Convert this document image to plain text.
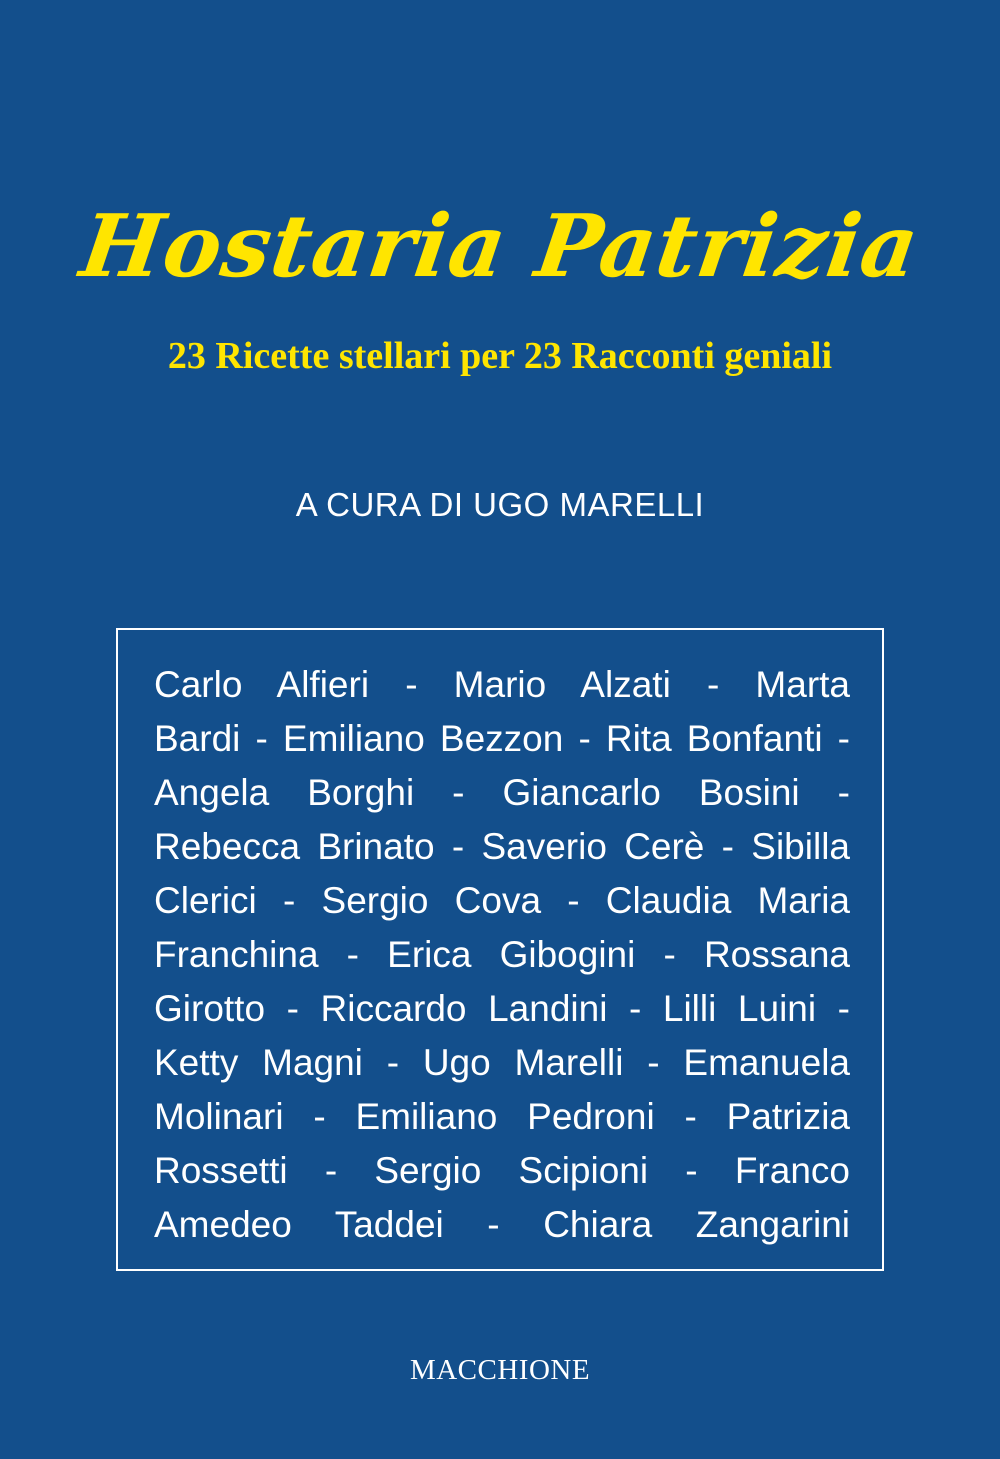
Hostaria Patrizia
23 Ricette stellari per 23 Racconti geniali
A CURA DI UGO MARELLI
Carlo Alfieri - Mario Alzati - Marta
Bardi - Emiliano Bezzon - Rita Bonfanti -
Angela Borghi - Giancarlo Bosini -
Rebecca Brinato - Saverio Cerè - Sibilla
Clerici - Sergio Cova - Claudia Maria
Franchina - Erica Gibogini - Rossana
Girotto - Riccardo Landini - Lilli Luini -
Ketty Magni - Ugo Marelli - Emanuela
Molinari - Emiliano Pedroni - Patrizia
Rossetti - Sergio Scipioni - Franco
Amedeo Taddei - Chiara Zangarini
MACCHIONE
